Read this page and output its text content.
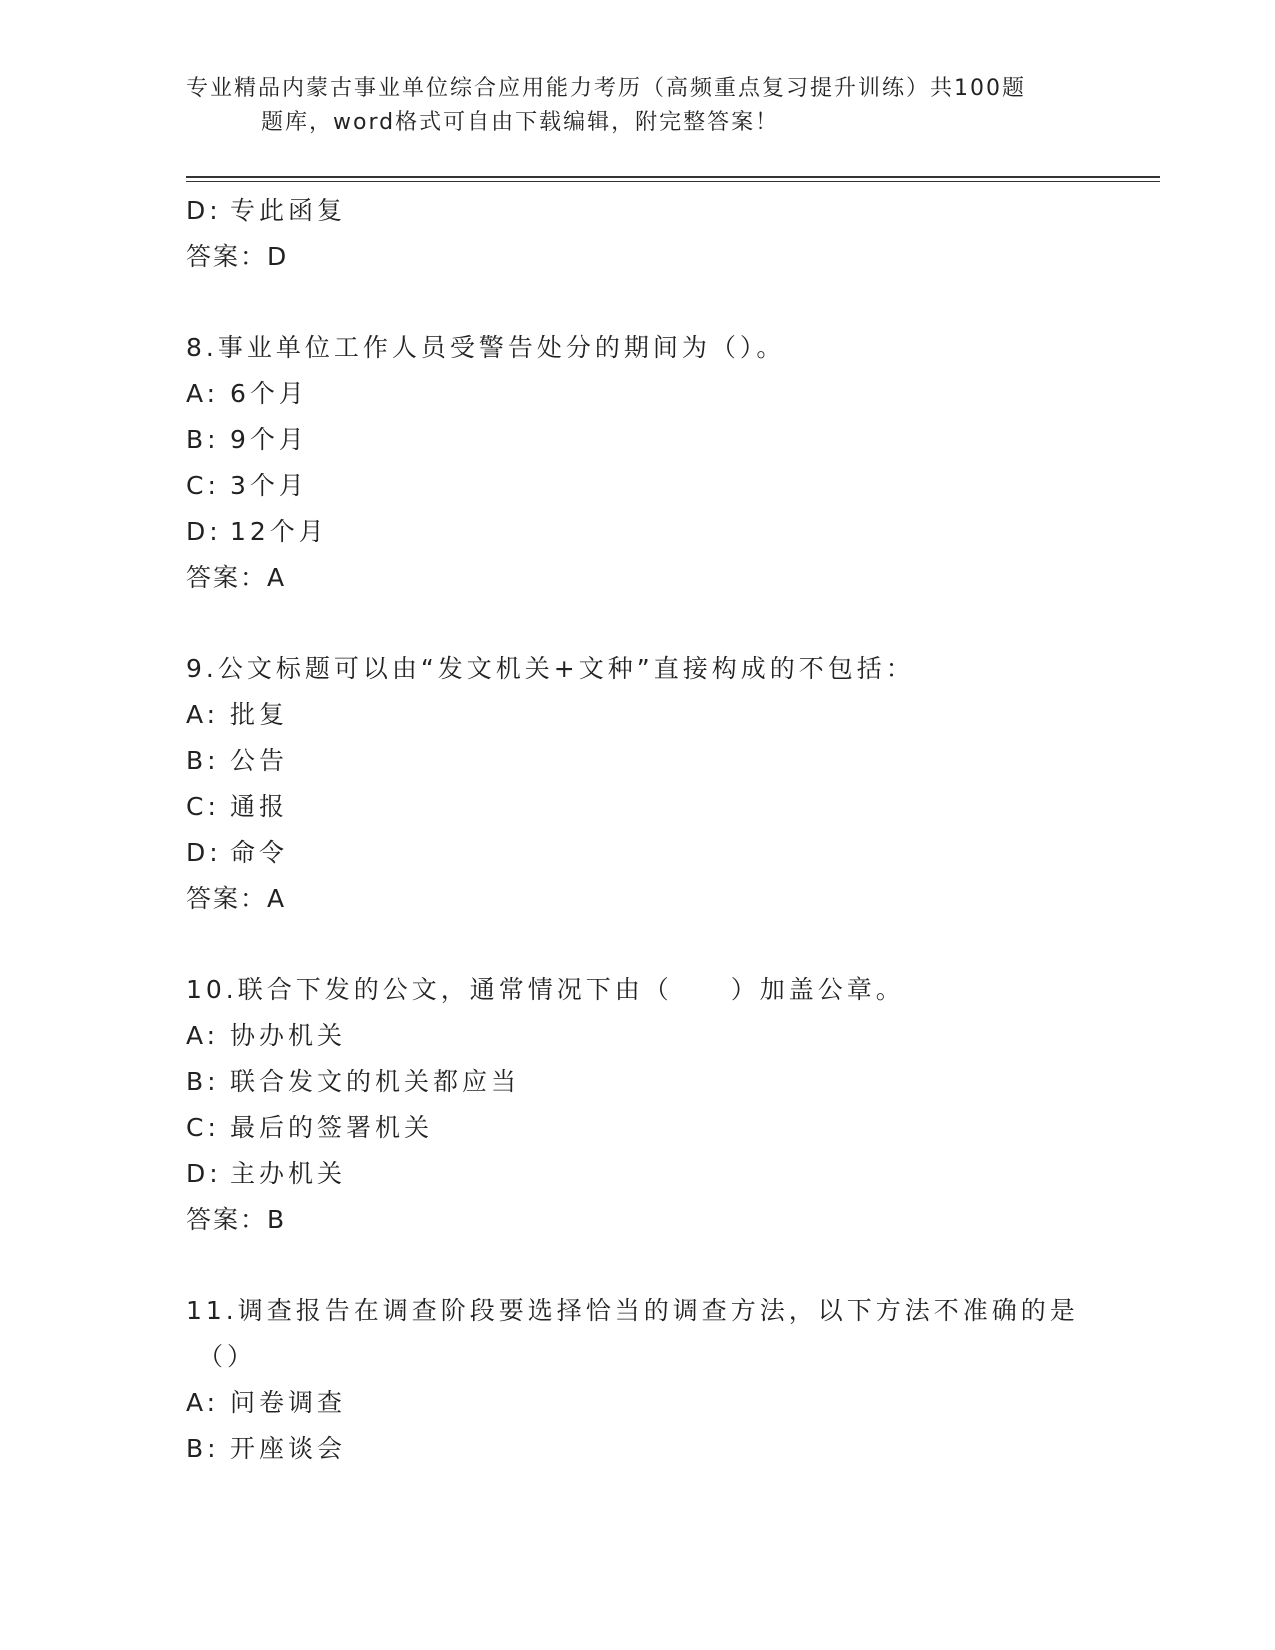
专业精品内蒙古事业单位综合应用能力考历（高频重点复习提升训练）共100题
题库，word格式可自由下载编辑，附完整答案！
D: 专此函复
答案：D
8.事业单位工作人员受警告处分的期间为（）。
A: 6个月
B: 9个月
C: 3个月
D: 12个月
答案：A
9.公文标题可以由“发文机关+文种”直接构成的不包括：
A: 批复
B: 公告
C: 通报
D: 命令
答案：A
10.联合下发的公文，通常情况下由（　　）加盖公章。
A: 协办机关
B: 联合发文的机关都应当
C: 最后的签署机关
D: 主办机关
答案：B
11.调查报告在调查阶段要选择恰当的调查方法，以下方法不准确的是
（）
A: 问卷调查
B: 开座谈会
